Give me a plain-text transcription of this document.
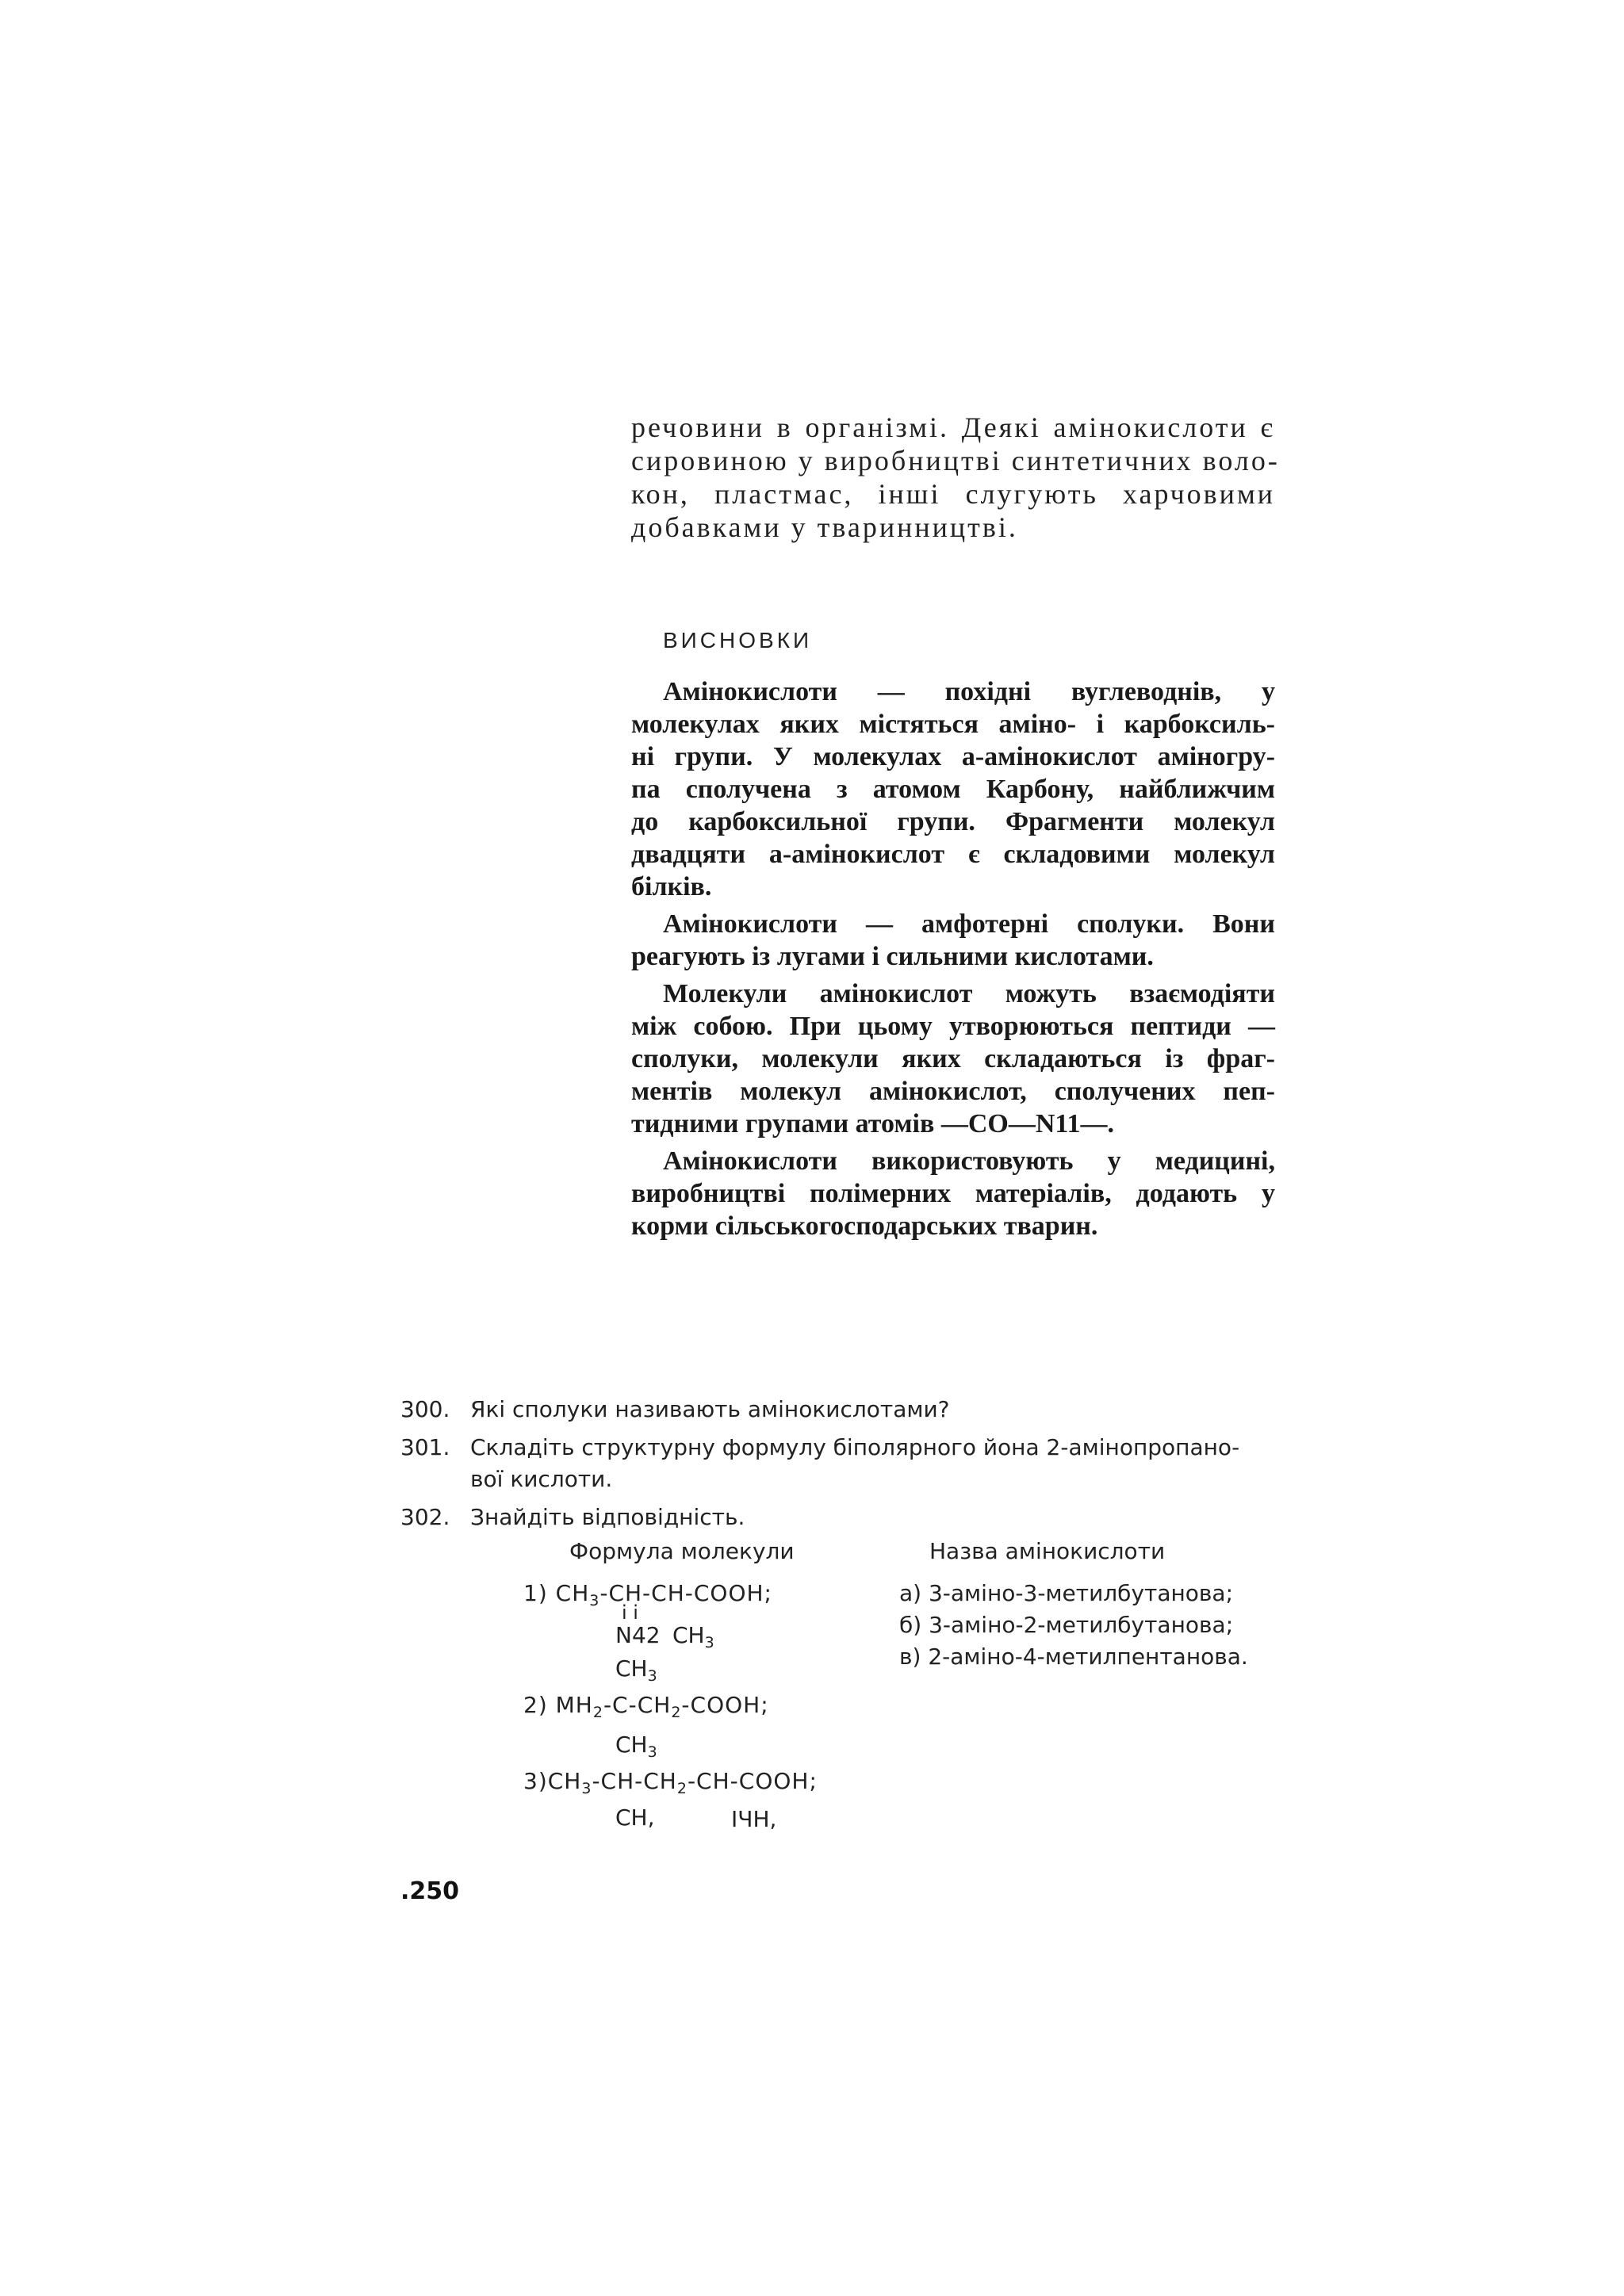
речовини в організмі. Деякі амінокислоти є
сировиною у виробництві синтетичних воло-
кон, пластмас, інші слугують харчовими
добавками у тваринництві.
ВИСНОВКИ
Амінокислоти — похідні вуглеводнів, у
молекулах яких містяться аміно- і карбоксиль-
ні групи. У молекулах а-амінокислот аміногру-
па сполучена з атомом Карбону, найближчим
до карбоксильної групи. Фрагменти молекул
двадцяти а-амінокислот є складовими молекул
білків.
Амінокислоти — амфотерні сполуки. Вони
реагують із лугами і сильними кислотами.
Молекули амінокислот можуть взаємодіяти
між собою. При цьому утворюються пептиди —
сполуки, молекули яких складаються із фраг-
ментів молекул амінокислот, сполучених пеп-
тидними групами атомів —CO—N11—.
Амінокислоти використовують у медицині,
виробництві полімерних матеріалів, додають у
корми сільськогосподарських тварин.
300. Які сполуки називають амінокислотами?
301. Складіть структурну формулу біполярного йона 2-амінопропано-
вої кислоти.
302. Знайдіть відповідність.
Формула молекули	Назва амінокислоти
1) $CH_3-CH-CH$-COOH;
i i
N42 $CH_3$
$CH_3$
2) $MH_2-C-CH_2$-COOH;
$CH_3$
$3)CH_3-CH-CH_2-CH$-COOH;
CH,	ІЧН,
а) 3-аміно-3-метилбутанова;
б) 3-аміно-2-метилбутанова;
в) 2-аміно-4-метилпентанова.
.250
